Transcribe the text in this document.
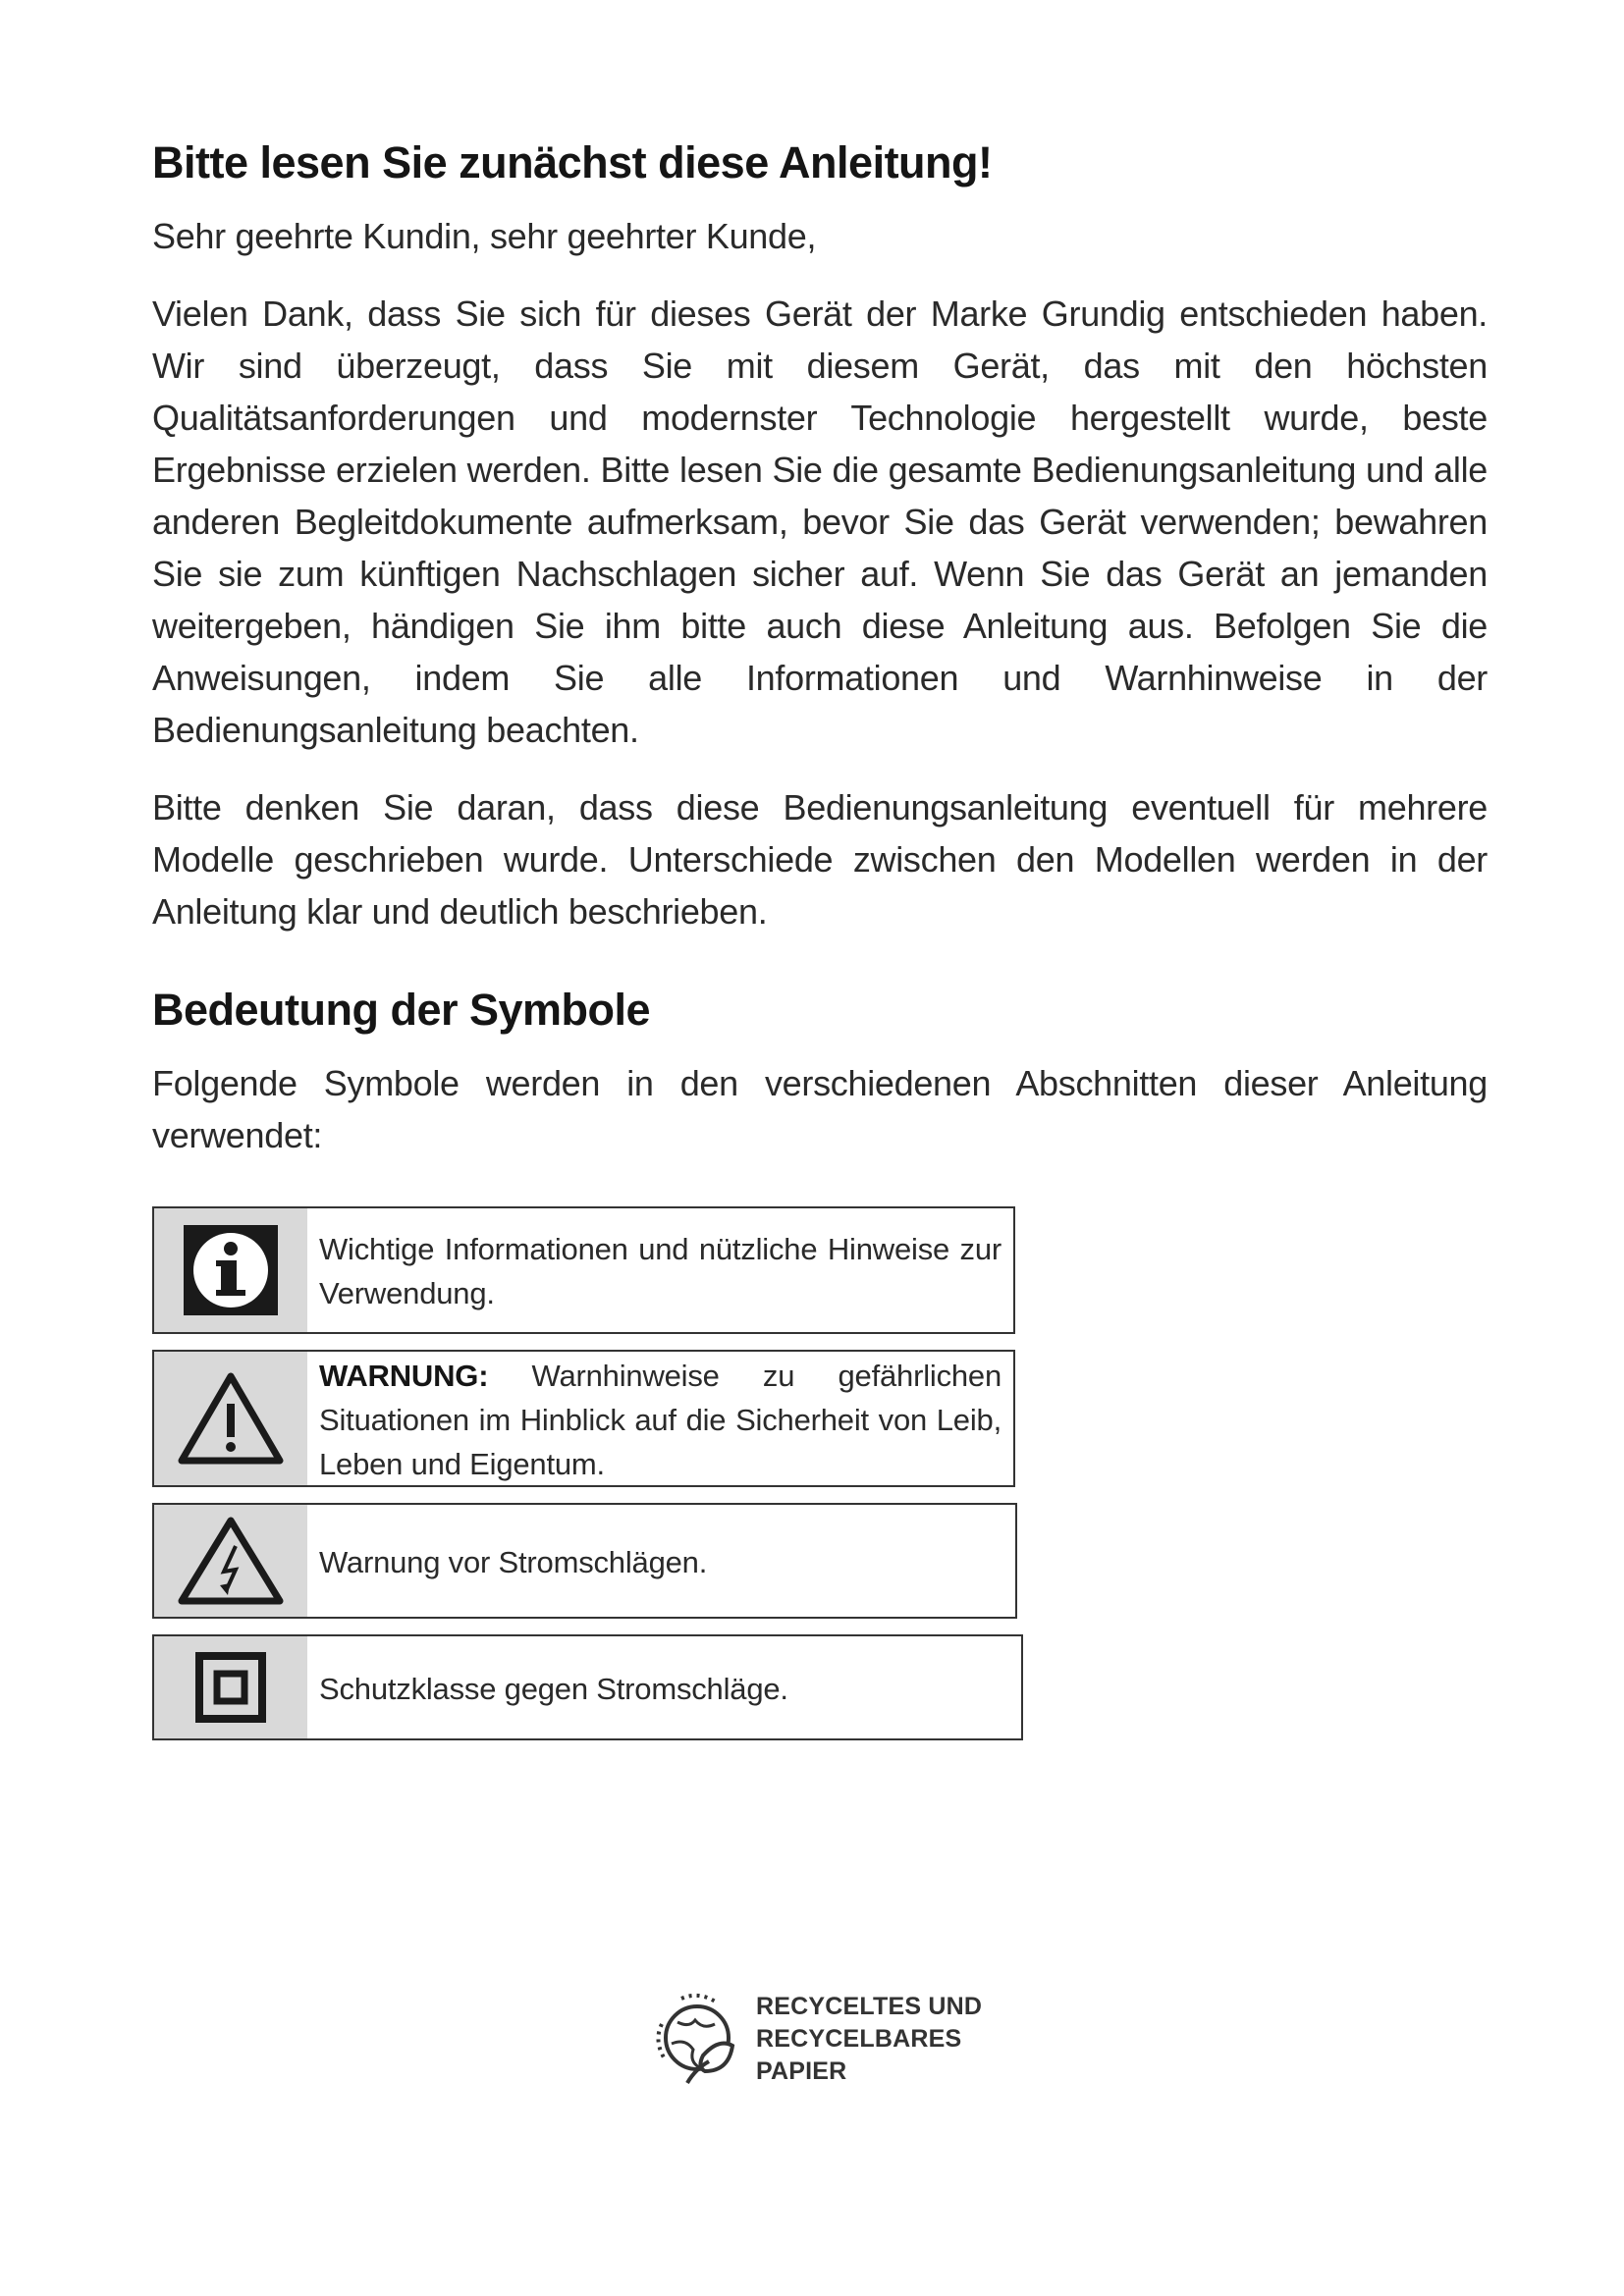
Bitte lesen Sie zunächst diese Anleitung!

Sehr geehrte Kundin, sehr geehrter Kunde,

Vielen Dank, dass Sie sich für dieses Gerät der Marke Grundig entschieden haben. Wir sind überzeugt, dass Sie mit diesem Gerät, das mit den höchsten Qualitätsanforderungen und modernster Technologie hergestellt wurde, beste Ergebnisse erzielen werden. Bitte lesen Sie die gesamte Bedienungsanleitung und alle anderen Begleitdokumente aufmerksam, bevor Sie das Gerät verwenden; bewahren Sie sie zum künftigen Nachschlagen sicher auf. Wenn Sie das Gerät an jemanden weitergeben, händigen Sie ihm bitte auch diese Anleitung aus. Befolgen Sie die Anweisungen, indem Sie alle Informationen und Warnhinweise in der Bedienungsanleitung beachten.

Bitte denken Sie daran, dass diese Bedienungsanleitung eventuell für mehrere Modelle geschrieben wurde. Unterschiede zwischen den Modellen werden in der Anleitung klar und deutlich beschrieben.

Bedeutung der Symbole

Folgende Symbole werden in den verschiedenen Abschnitten dieser Anleitung verwendet:

Wichtige Informationen und nützliche Hinweise zur Verwendung.
WARNUNG: Warnhinweise zu gefährlichen Situationen im Hinblick auf die Sicherheit von Leib, Leben und Eigentum.
Warnung vor Stromschlägen.
Schutzklasse gegen Stromschläge.
RECYCELTES UND
RECYCELBARES
PAPIER
